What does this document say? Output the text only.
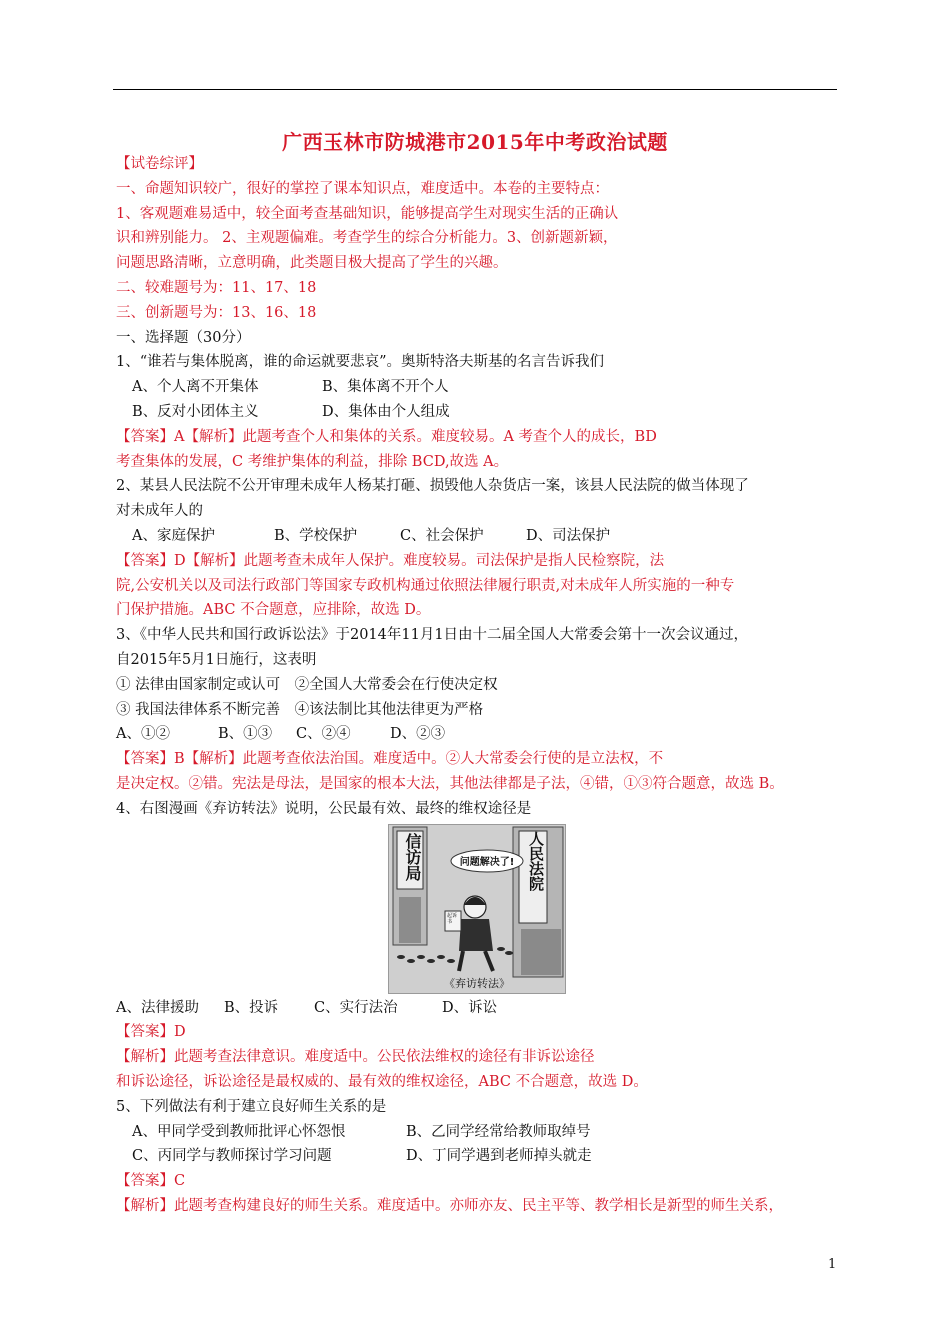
广西玉林市防城港市2015年中考政治试题
【试卷综评】
一、命题知识较广，很好的掌控了课本知识点，难度适中。本卷的主要特点：
1、客观题难易适中，较全面考查基础知识，能够提高学生对现实生活的正确认
识和辨别能力。 2、主观题偏难。考查学生的综合分析能力。3、创新题新颖，
问题思路清晰，立意明确，此类题目极大提高了学生的兴趣。
二、较难题号为：11、17、18
三、创新题号为：13、16、18
一、选择题（30分）
1、“谁若与集体脱离，谁的命运就要悲哀”。奥斯特洛夫斯基的名言告诉我们
A、个人离不开集体	B、集体离不开个人
B、反对小团体主义	D、集体由个人组成
【答案】A【解析】此题考查个人和集体的关系。难度较易。A 考查个人的成长，BD
考查集体的发展，C 考维护集体的利益，排除 BCD,故选 A。
2、某县人民法院不公开审理未成年人杨某打砸、损毁他人杂货店一案，该县人民法院的做当体现了
对未成年人的
A、家庭保护	B、学校保护	C、社会保护	D、司法保护
【答案】D【解析】此题考查未成年人保护。难度较易。司法保护是指人民检察院，法
院,公安机关以及司法行政部门等国家专政机构通过依照法律履行职责,对未成年人所实施的一种专
门保护措施。ABC 不合题意，应排除，故选 D。
3、《中华人民共和国行政诉讼法》于2014年11月1日由十二届全国人大常委会第十一次会议通过，
自2015年5月1日施行，这表明
① 法律由国家制定或认可　②全国人大常委会在行使决定权
③ 我国法律体系不断完善　④该法制比其他法律更为严格
A、①②	B、①③ C、②④	D、②③
【答案】B【解析】此题考查依法治国。难度适中。②人大常委会行使的是立法权，不
是决定权。②错。宪法是母法，是国家的根本大法，其他法律都是子法，④错，①③符合题意，故选 B。
4、右图漫画《弃访转法》说明，公民最有效、最终的维权途径是
信访局	人民法院
问题解决了!
起诉书
《弃访转法》
A、法律援助 B、投诉 C、实行法治	D、诉讼
【答案】D
【解析】此题考查法律意识。难度适中。公民依法维权的途径有非诉讼途径
和诉讼途径，诉讼途径是最权威的、最有效的维权途径，ABC 不合题意，故选 D。
5、下列做法有利于建立良好师生关系的是
A、甲同学受到教师批评心怀怨恨	B、乙同学经常给教师取绰号
C、丙同学与教师探讨学习问题	D、丁同学遇到老师掉头就走
【答案】C
【解析】此题考查构建良好的师生关系。难度适中。亦师亦友、民主平等、教学相长是新型的师生关系，
1
